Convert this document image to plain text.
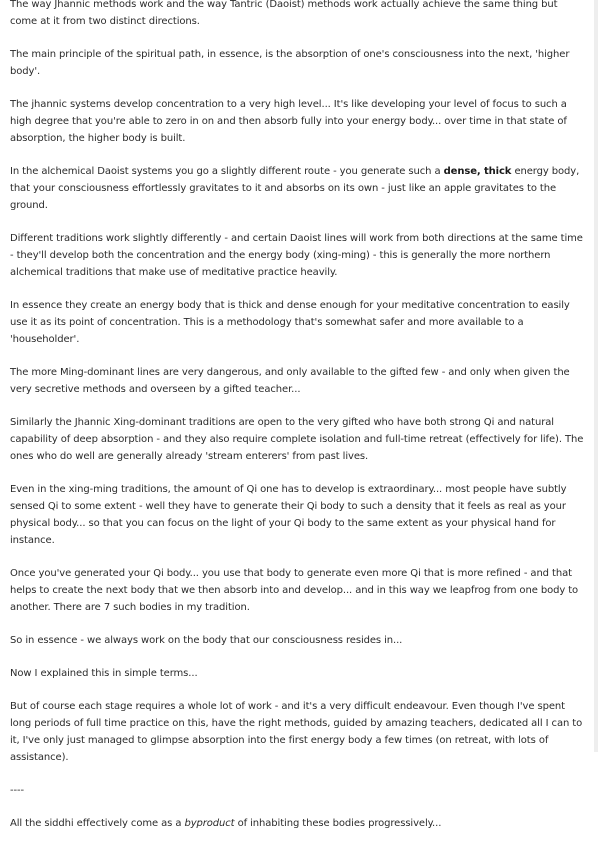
The way Jhannic methods work and the way Tantric (Daoist) methods work actually achieve the same thing but come at it from two distinct directions.

The main principle of the spiritual path, in essence, is the absorption of one's consciousness into the next, 'higher body'.

The jhannic systems develop concentration to a very high level... It's like developing your level of focus to such a high degree that you're able to zero in on and then absorb fully into your energy body... over time in that state of absorption, the higher body is built.

In the alchemical Daoist systems you go a slightly different route - you generate such a dense, thick energy body, that your consciousness effortlessly gravitates to it and absorbs on its own - just like an apple gravitates to the ground.

Different traditions work slightly differently - and certain Daoist lines will work from both directions at the same time - they'll develop both the concentration and the energy body (xing-ming) - this is generally the more northern alchemical traditions that make use of meditative practice heavily.

In essence they create an energy body that is thick and dense enough for your meditative concentration to easily use it as its point of concentration. This is a methodology that's somewhat safer and more available to a 'householder'.

The more Ming-dominant lines are very dangerous, and only available to the gifted few - and only when given the very secretive methods and overseen by a gifted teacher...

Similarly the Jhannic Xing-dominant traditions are open to the very gifted who have both strong Qi and natural capability of deep absorption - and they also require complete isolation and full-time retreat (effectively for life). The ones who do well are generally already 'stream enterers' from past lives.

Even in the xing-ming traditions, the amount of Qi one has to develop is extraordinary... most people have subtly sensed Qi to some extent - well they have to generate their Qi body to such a density that it feels as real as your physical body... so that you can focus on the light of your Qi body to the same extent as your physical hand for instance.

Once you've generated your Qi body... you use that body to generate even more Qi that is more refined - and that helps to create the next body that we then absorb into and develop... and in this way we leapfrog from one body to another. There are 7 such bodies in my tradition.

So in essence - we always work on the body that our consciousness resides in...

Now I explained this in simple terms...

But of course each stage requires a whole lot of work - and it's a very difficult endeavour. Even though I've spent long periods of full time practice on this, have the right methods, guided by amazing teachers, dedicated all I can to it, I've only just managed to glimpse absorption into the first energy body a few times (on retreat, with lots of assistance).

----

All the siddhi effectively come as a byproduct of inhabiting these bodies progressively...
